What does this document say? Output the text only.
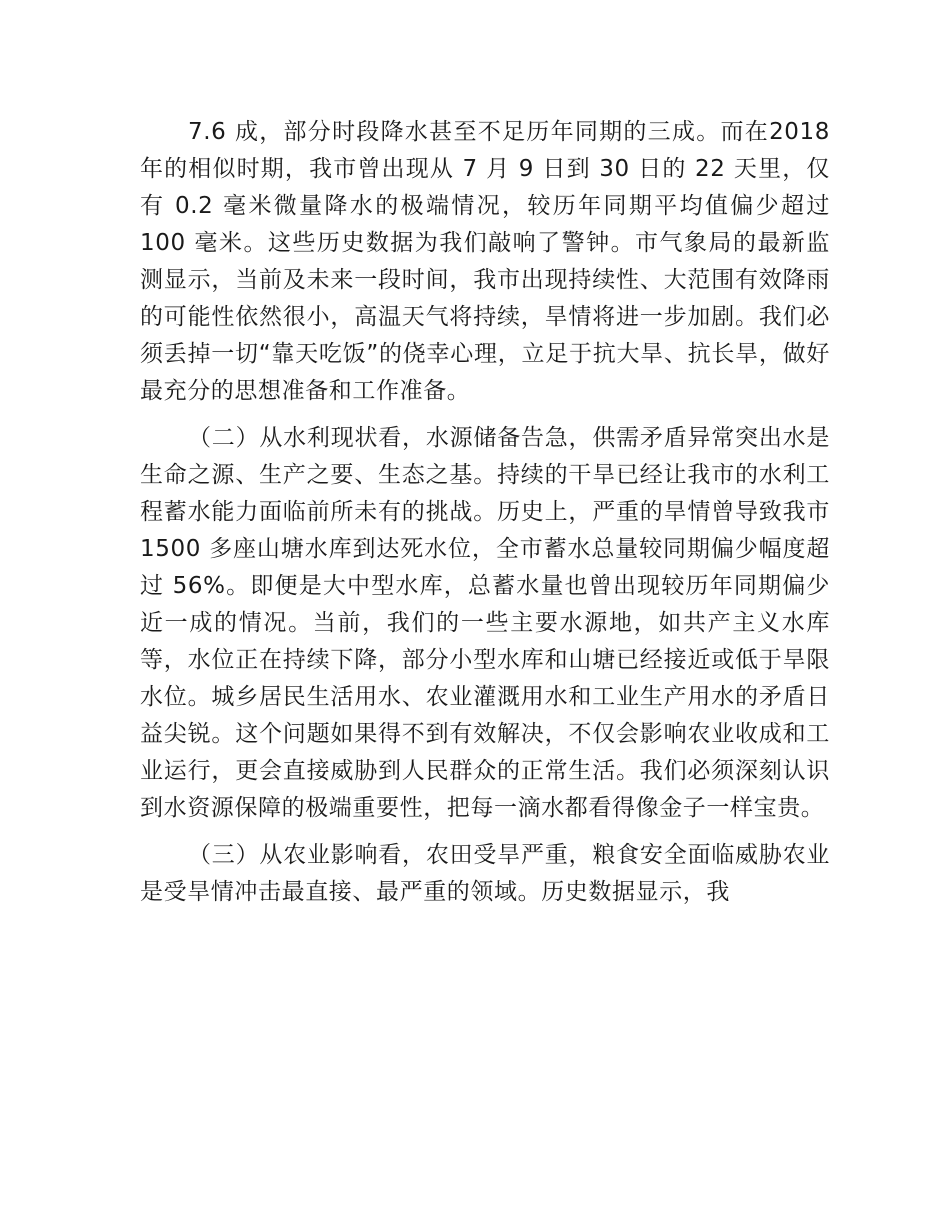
7.6 成，部分时段降水甚至不足历年同期的三成。而在2018 年的相似时期，我市曾出现从 7 月 9 日到 30 日的 22 天里，仅有 0.2 毫米微量降水的极端情况，较历年同期平均值偏少超过 100 毫米。这些历史数据为我们敲响了警钟。市气象局的最新监测显示，当前及未来一段时间，我市出现持续性、大范围有效降雨的可能性依然很小，高温天气将持续，旱情将进一步加剧。我们必须丢掉一切“靠天吃饭”的侥幸心理，立足于抗大旱、抗长旱，做好最充分的思想准备和工作准备。

（二）从水利现状看，水源储备告急，供需矛盾异常突出水是生命之源、生产之要、生态之基。持续的干旱已经让我市的水利工程蓄水能力面临前所未有的挑战。历史上，严重的旱情曾导致我市 1500 多座山塘水库到达死水位，全市蓄水总量较同期偏少幅度超过 56%。即便是大中型水库，总蓄水量也曾出现较历年同期偏少近一成的情况。当前，我们的一些主要水源地，如共产主义水库等，水位正在持续下降，部分小型水库和山塘已经接近或低于旱限水位。城乡居民生活用水、农业灌溉用水和工业生产用水的矛盾日益尖锐。这个问题如果得不到有效解决，不仅会影响农业收成和工业运行，更会直接威胁到人民群众的正常生活。我们必须深刻认识到水资源保障的极端重要性，把每一滴水都看得像金子一样宝贵。

（三）从农业影响看，农田受旱严重，粮食安全面临威胁农业是受旱情冲击最直接、最严重的领域。历史数据显示，我
